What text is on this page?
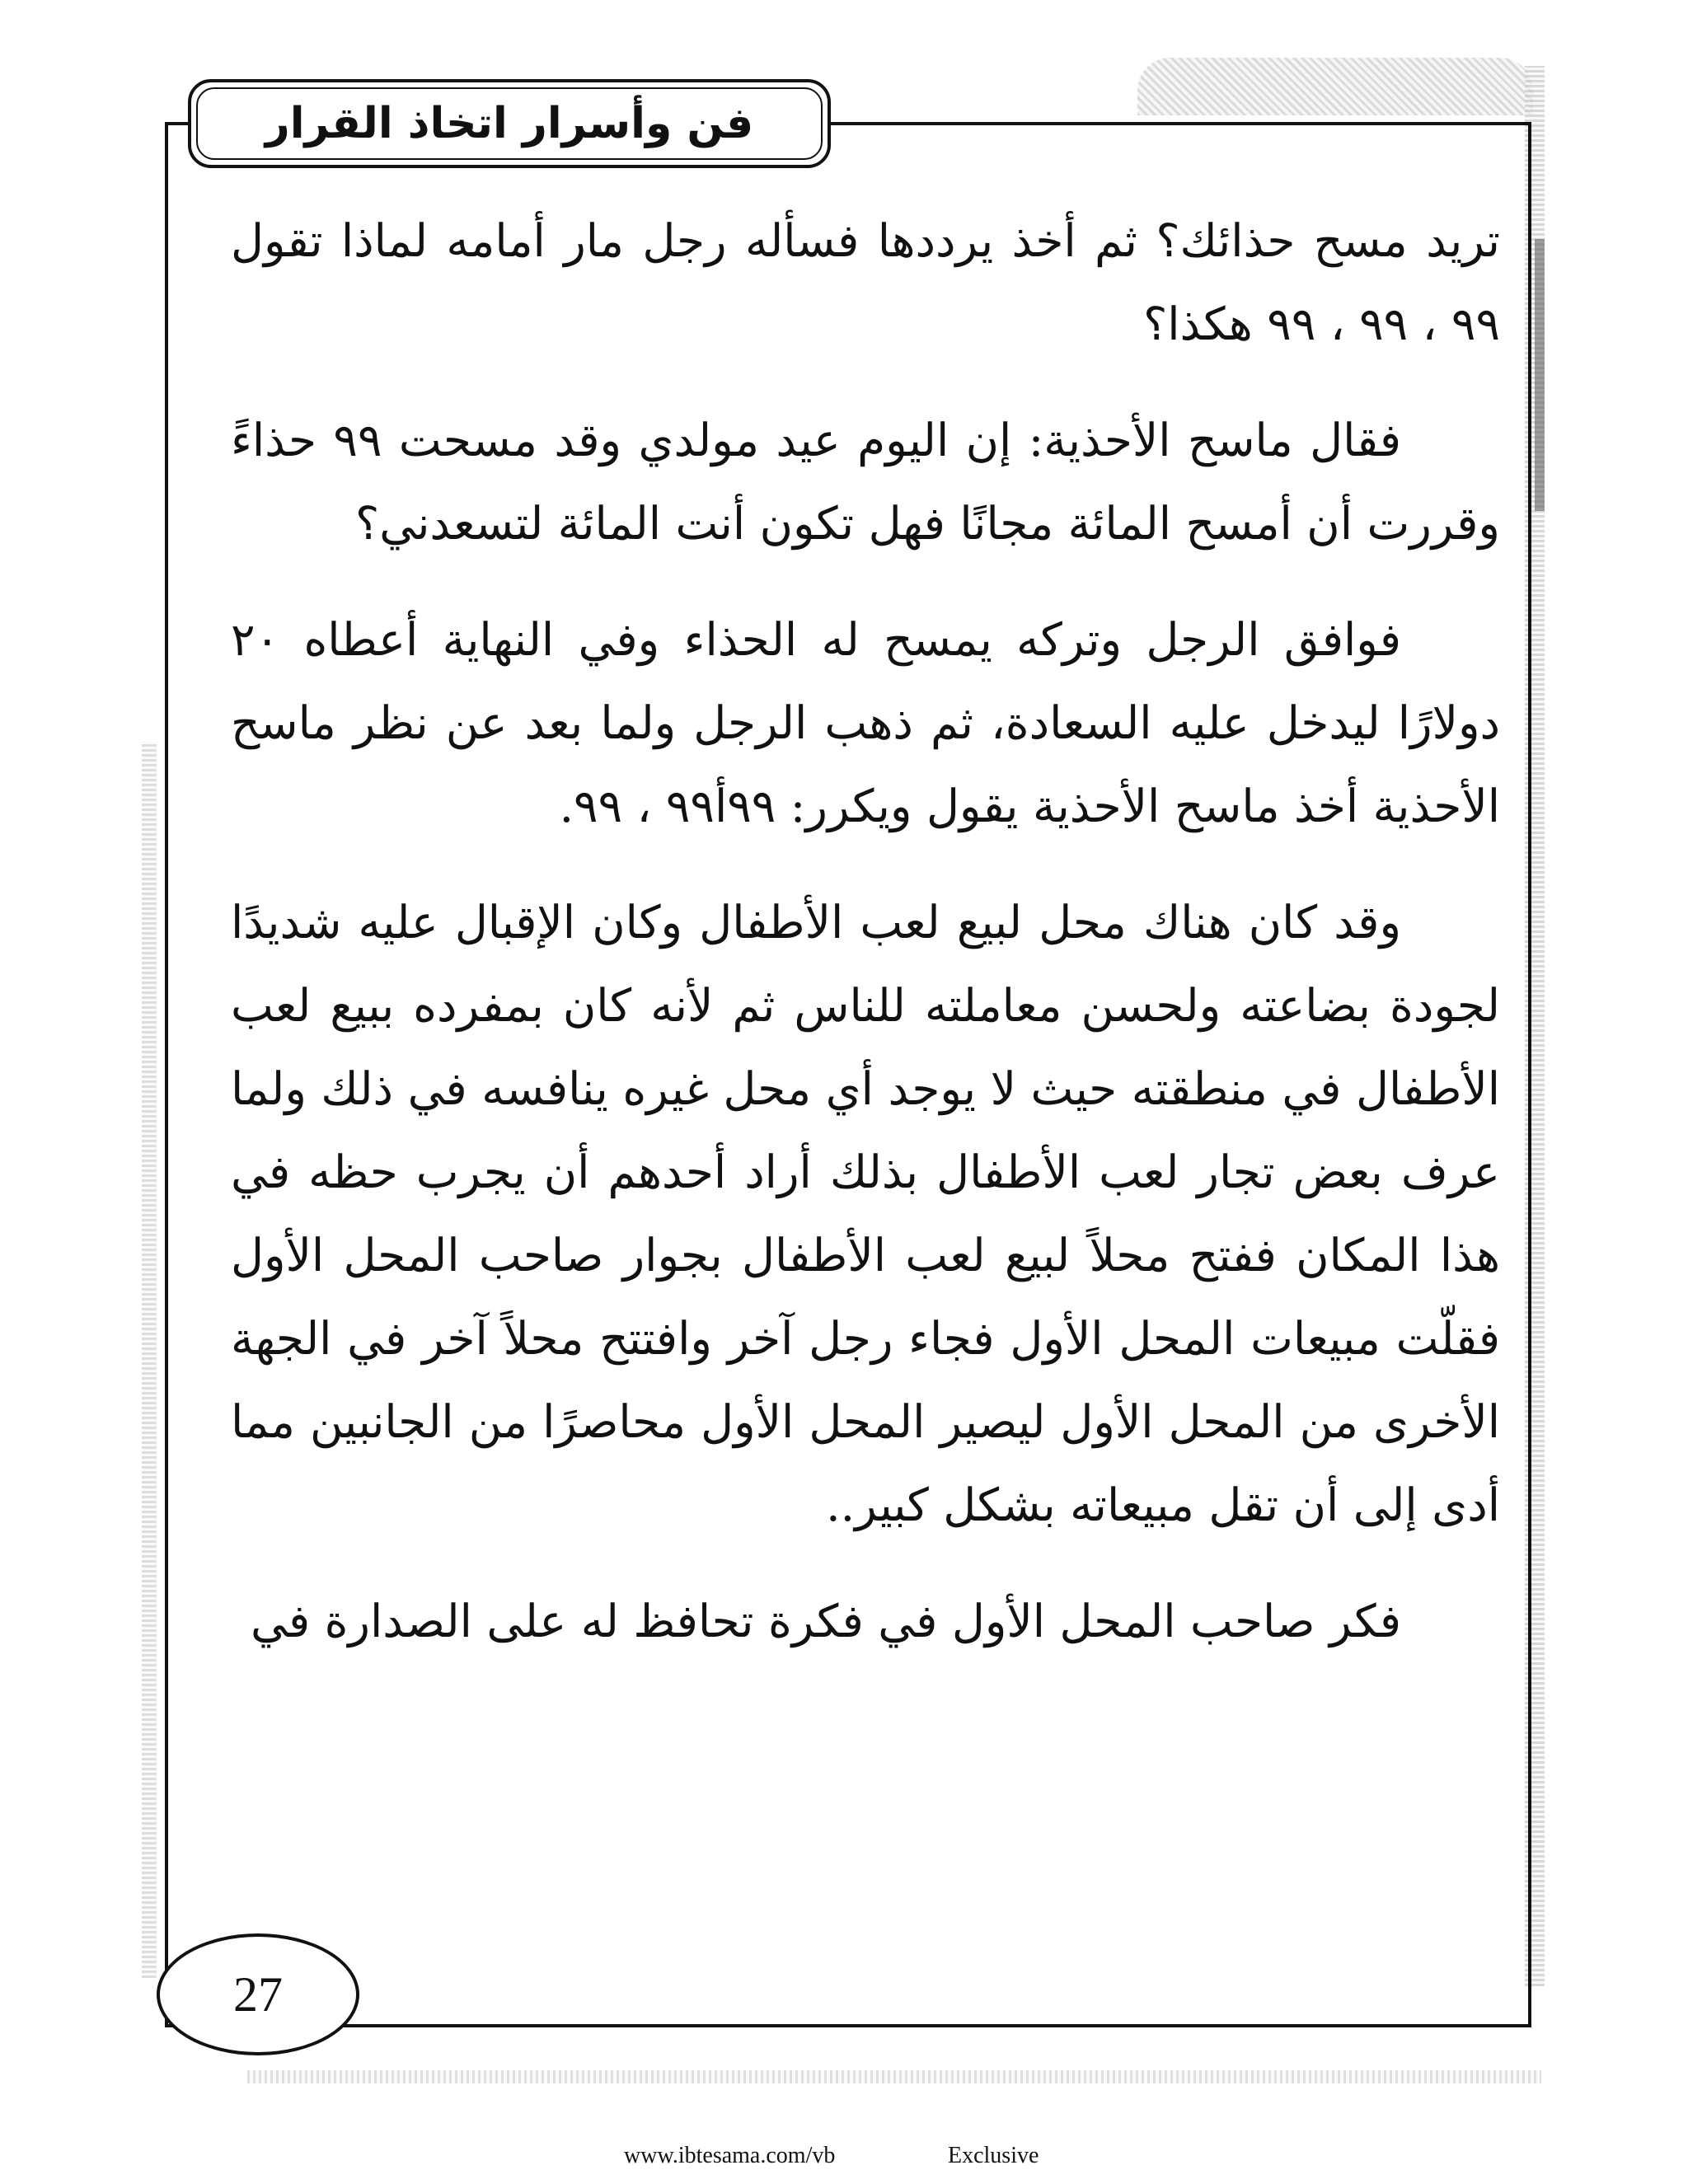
فن وأسرار اتخاذ القرار

تريد مسح حذائك؟ ثم أخذ يرددها فسأله رجل مار أمامه لماذا تقول ٩٩ ، ٩٩ ، ٩٩ هكذا؟

فقال ماسح الأحذية: إن اليوم عيد مولدي وقد مسحت ٩٩ حذاءً وقررت أن أمسح المائة مجانًا فهل تكون أنت المائة لتسعدني؟

فوافق الرجل وتركه يمسح له الحذاء وفي النهاية أعطاه ٢٠ دولارًا ليدخل عليه السعادة، ثم ذهب الرجل ولما بعد عن نظر ماسح الأحذية أخذ ماسح الأحذية يقول ويكرر: ٩٩أ٩٩ ، ٩٩.

وقد كان هناك محل لبيع لعب الأطفال وكان الإقبال عليه شديدًا لجودة بضاعته ولحسن معاملته للناس ثم لأنه كان بمفرده ببيع لعب الأطفال في منطقته حيث لا يوجد أي محل غيره ينافسه في ذلك ولما عرف بعض تجار لعب الأطفال بذلك أراد أحدهم أن يجرب حظه في هذا المكان ففتح محلاً لبيع لعب الأطفال بجوار صاحب المحل الأول فقلّت مبيعات المحل الأول فجاء رجل آخر وافتتح محلاً آخر في الجهة الأخرى من المحل الأول ليصير المحل الأول محاصرًا من الجانبين مما أدى إلى أن تقل مبيعاته بشكل كبير..

فكر صاحب المحل الأول في فكرة تحافظ له على الصدارة في

27
www.ibtesama.com/vb	Exclusive
